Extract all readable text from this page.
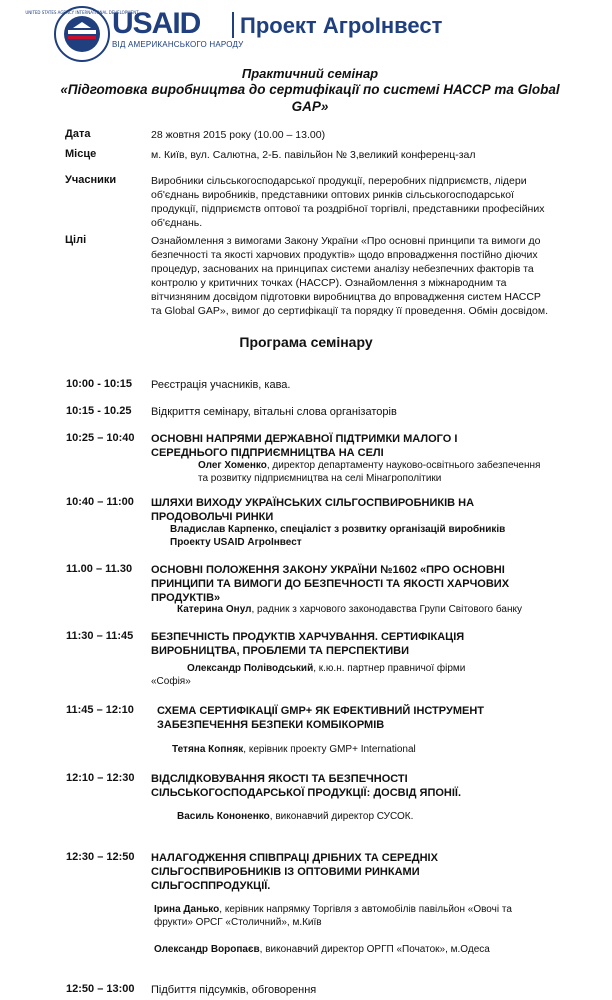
UNITED STATES AGENCY INTERNATIONAL DEVELOPMENT
USAID
ВІД АМЕРИКАНСЬКОГО НАРОДУ
Проект АгроІнвест
Практичний семінар
«Підготовка виробництва до сертифікації по системі НАССР та Global GAP»
Дата	28 жовтня 2015 року (10.00 – 13.00)
Місце	м. Київ, вул. Салютна, 2-Б. павільйон № 3,великий конференц-зал
Учасники	Виробники сільськогосподарської продукції, переробних підприємств, лідери об'єднань виробників, представники оптових ринків сільськогосподарської продукції, підприємств оптової та роздрібної торгівлі, представники професійних об'єднань.
Цілі	Ознайомлення з вимогами Закону України «Про основні принципи та вимоги до безпечності та якості харчових продуктів» щодо впровадження постійно діючих процедур, заснованих на принципах системи аналізу небезпечних факторів та контролю у критичних точках (НАССР). Ознайомлення з міжнародним та вітчизняним досвідом підготовки виробництва до впровадження систем НАССР та Global GAP», вимог до сертифікації та порядку її проведення. Обмін досвідом.
Програма семінару
10:00 - 10:15 Реєстрація учасників, кава.
10:15 - 10.25 Відкриття семінару, вітальні слова організаторів
10:25 – 10:40 ОСНОВНІ НАПРЯМИ ДЕРЖАВНОЇ ПІДТРИМКИ МАЛОГО І СЕРЕДНЬОГО ПІДПРИЄМНИЦТВА НА СЕЛІ
Олег Хоменко, директор департаменту науково-освітнього забезпечення та розвитку підприємництва на селі Мінагрополітики
10:40 – 11:00 ШЛЯХИ ВИХОДУ УКРАЇНСЬКИХ СІЛЬГОСПВИРОБНИКІВ НА ПРОДОВОЛЬЧІ РИНКИ
Владислав Карпенко, спеціаліст з розвитку організацій виробників Проекту USAID АгроІнвест
11.00 – 11.30 ОСНОВНІ ПОЛОЖЕННЯ ЗАКОНУ УКРАЇНИ №1602 «ПРО ОСНОВНІ ПРИНЦИПИ ТА ВИМОГИ ДО БЕЗПЕЧНОСТІ ТА ЯКОСТІ ХАРЧОВИХ ПРОДУКТІВ»
Катерина Онул, радник з харчового законодавства Групи Світового банку
11:30 – 11:45 БЕЗПЕЧНІСТЬ ПРОДУКТІВ ХАРЧУВАННЯ. СЕРТИФІКАЦІЯ ВИРОБНИЦТВА, ПРОБЛЕМИ ТА ПЕРСПЕКТИВИ
Олександр Поліводський, к.ю.н. партнер правничої фірми «Софія»
11:45 – 12:10 СХЕМА СЕРТИФІКАЦІЇ GMP+ ЯК ЕФЕКТИВНИЙ ІНСТРУМЕНТ ЗАБЕЗПЕЧЕННЯ БЕЗПЕКИ КОМБІКОРМІВ
Тетяна Копняк, керівник проекту GMP+ International
12:10 – 12:30 ВІДСЛІДКОВУВАННЯ ЯКОСТІ ТА БЕЗПЕЧНОСТІ СІЛЬСЬКОГОСПОДАРСЬКОЇ ПРОДУКЦІЇ: ДОСВІД ЯПОНІЇ.
Василь Кононенко, виконавчий директор СУСОК.
12:30 – 12:50 НАЛАГОДЖЕННЯ СПІВПРАЦІ ДРІБНИХ ТА СЕРЕДНІХ СІЛЬГОСПВИРОБНИКІВ ІЗ ОПТОВИМИ РИНКАМИ СІЛЬГОСППРОДУКЦІЇ.
Ірина Данько, керівник напрямку Торгівля з автомобілів павільйон «Овочі та фрукти» ОРСГ «Столичний», м.Київ
Олександр Воропаєв, виконавчий директор ОРГП «Початок», м.Одеса
12:50 – 13:00 Підбиття підсумків, обговорення
